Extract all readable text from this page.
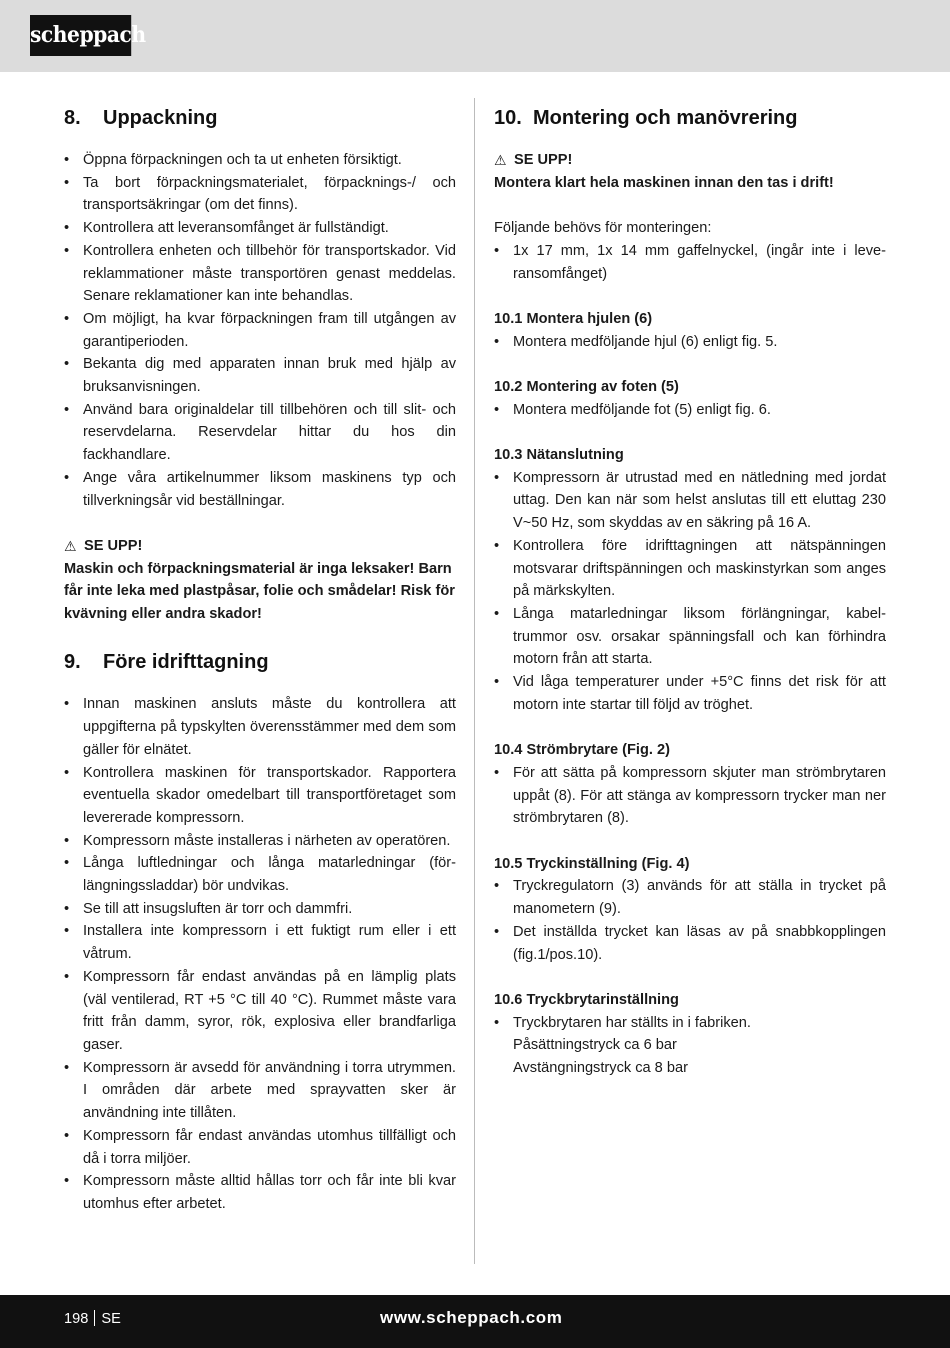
scheppach
8.	Uppackning
• Öppna förpackningen och ta ut enheten försiktigt.
• Ta bort förpackningsmaterialet, förpacknings-/ och transportsäkringar (om det finns).
• Kontrollera att leveransomfånget är fullständigt.
• Kontrollera enheten och tillbehör för transportskador. Vid reklammationer måste transportören genast meddelas. Senare reklamationer kan inte behandlas.
• Om möjligt, ha kvar förpackningen fram till utgången av garantiperioden.
• Bekanta dig med apparaten innan bruk med hjälp av bruksanvisningen.
• Använd bara originaldelar till tillbehören och till slit- och reservdelarna. Reservdelar hittar du hos din fackhandlare.
• Ange våra artikelnummer liksom maskinens typ och tillverkningsår vid beställningar.
⚠ SE UPP!

Maskin och förpackningsmaterial är inga leksaker! Barn får inte leka med plastpåsar, folie och smådelar! Risk för kvävning eller andra skador!

9.	Före idrifttagning
• Innan maskinen ansluts måste du kontrollera att uppgifterna på typskylten överensstämmer med dem som gäller för elnätet.
• Kontrollera maskinen för transportskador. Rapportera eventuella skador omedelbart till transportföretaget som levererade kompressorn.
• Kompressorn måste installeras i närheten av operatören.
• Långa luftledningar och långa matarledningar (förlängningssladdar) bör undvikas.
• Se till att insugsluften är torr och dammfri.
• Installera inte kompressorn i ett fuktigt rum eller i ett våtrum.
• Kompressorn får endast användas på en lämplig plats (väl ventilerad, RT +5 °C till 40 °C). Rummet måste vara fritt från damm, syror, rök, explosiva eller brandfarliga gaser.
• Kompressorn är avsedd för användning i torra utrymmen. I områden där arbete med sprayvatten sker är användning inte tillåten.
• Kompressorn får endast användas utomhus tillfälligt och då i torra miljöer.
• Kompressorn måste alltid hållas torr och får inte bli kvar utomhus efter arbetet.
10. Montering och manövrering
⚠ SE UPP!

Montera klart hela maskinen innan den tas i drift!

Följande behövs för monteringen:

• 1x 17 mm, 1x 14 mm gaffelnyckel, (ingår inte i leveransomfånget)
10.1 Montera hjulen (6)
• Montera medföljande hjul (6) enligt fig. 5.
10.2 Montering av foten (5)
• Montera medföljande fot (5) enligt fig. 6.
10.3 Nätanslutning
• Kompressorn är utrustad med en nätledning med jordat uttag. Den kan när som helst anslutas till ett eluttag 230 V~50 Hz, som skyddas av en säkring på 16 A.
• Kontrollera före idrifttagningen att nätspänningen motsvarar driftspänningen och maskinstyrkan som anges på märkskylten.
• Långa matarledningar liksom förlängningar, kabeltrummor osv. orsakar spänningsfall och kan förhindra motorn från att starta.
• Vid låga temperaturer under +5°C finns det risk för att motorn inte startar till följd av tröghet.
10.4 Strömbrytare (Fig. 2)
• För att sätta på kompressorn skjuter man strömbrytaren uppåt (8). För att stänga av kompressorn trycker man ner strömbrytaren (8).
10.5 Tryckinställning (Fig. 4)
• Tryckregulatorn (3) används för att ställa in trycket på manometern (9).
• Det inställda trycket kan läsas av på snabbkopplingen (fig.1/pos.10).
10.6 Tryckbrytarinställning
• Tryckbrytaren har ställts in i fabriken.

Påsättningstryck ca 6 bar

Avstängningstryck ca 8 bar

198 SE	www.scheppach.com
